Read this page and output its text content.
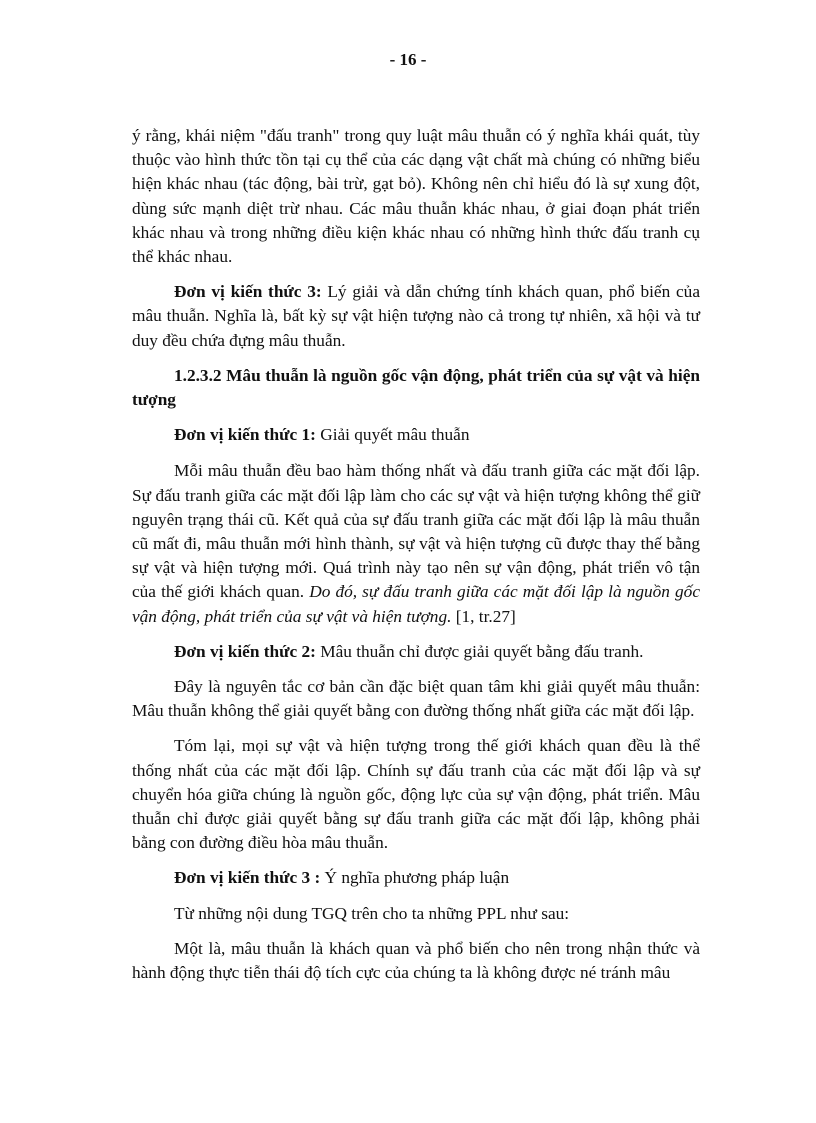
- 16 -

ý rằng, khái niệm "đấu tranh" trong quy luật mâu thuẫn có ý nghĩa khái quát, tùy thuộc vào hình thức tồn tại cụ thể của các dạng vật chất mà chúng có những biểu hiện khác nhau (tác động, bài trừ, gạt bỏ). Không nên chỉ hiểu đó là sự xung đột, dùng sức mạnh diệt trừ nhau. Các mâu thuẫn khác nhau, ở giai đoạn phát triển khác nhau và trong những điều kiện khác nhau có những hình thức đấu tranh cụ thể khác nhau.

Đơn vị kiến thức 3: Lý giải và dẫn chứng tính khách quan, phổ biến của mâu thuẫn. Nghĩa là, bất kỳ sự vật hiện tượng nào cả trong tự nhiên, xã hội và tư duy đều chứa đựng mâu thuẫn.

1.2.3.2 Mâu thuẫn là nguồn gốc vận động, phát triển của sự vật và hiện tượng

Đơn vị kiến thức 1: Giải quyết mâu thuẫn

Mỗi mâu thuẫn đều bao hàm thống nhất và đấu tranh giữa các mặt đối lập. Sự đấu tranh giữa các mặt đối lập làm cho các sự vật và hiện tượng không thể giữ nguyên trạng thái cũ. Kết quả của sự đấu tranh giữa các mặt đối lập là mâu thuẫn cũ mất đi, mâu thuẫn mới hình thành, sự vật và hiện tượng cũ được thay thế bằng sự vật và hiện tượng mới. Quá trình này tạo nên sự vận động, phát triển vô tận của thế giới khách quan. Do đó, sự đấu tranh giữa các mặt đối lập là nguồn gốc vận động, phát triển của sự vật và hiện tượng. [1, tr.27]

Đơn vị kiến thức 2: Mâu thuẫn chỉ được giải quyết bằng đấu tranh.

Đây là nguyên tắc cơ bản cần đặc biệt quan tâm khi giải quyết mâu thuẫn: Mâu thuẫn không thể giải quyết bằng con đường thống nhất giữa các mặt đối lập.

Tóm lại, mọi sự vật và hiện tượng trong thế giới khách quan đều là thể thống nhất của các mặt đối lập. Chính sự đấu tranh của các mặt đối lập và sự chuyển hóa giữa chúng là nguồn gốc, động lực của sự vận động, phát triển. Mâu thuẫn chỉ được giải quyết bằng sự đấu tranh giữa các mặt đối lập, không phải bằng con đường điều hòa mâu thuẫn.

Đơn vị kiến thức 3 : Ý nghĩa phương pháp luận

Từ những nội dung TGQ trên cho ta những PPL như sau:

Một là, mâu thuẫn là khách quan và phổ biến cho nên trong nhận thức và hành động thực tiễn thái độ tích cực của chúng ta là không được né tránh mâu
